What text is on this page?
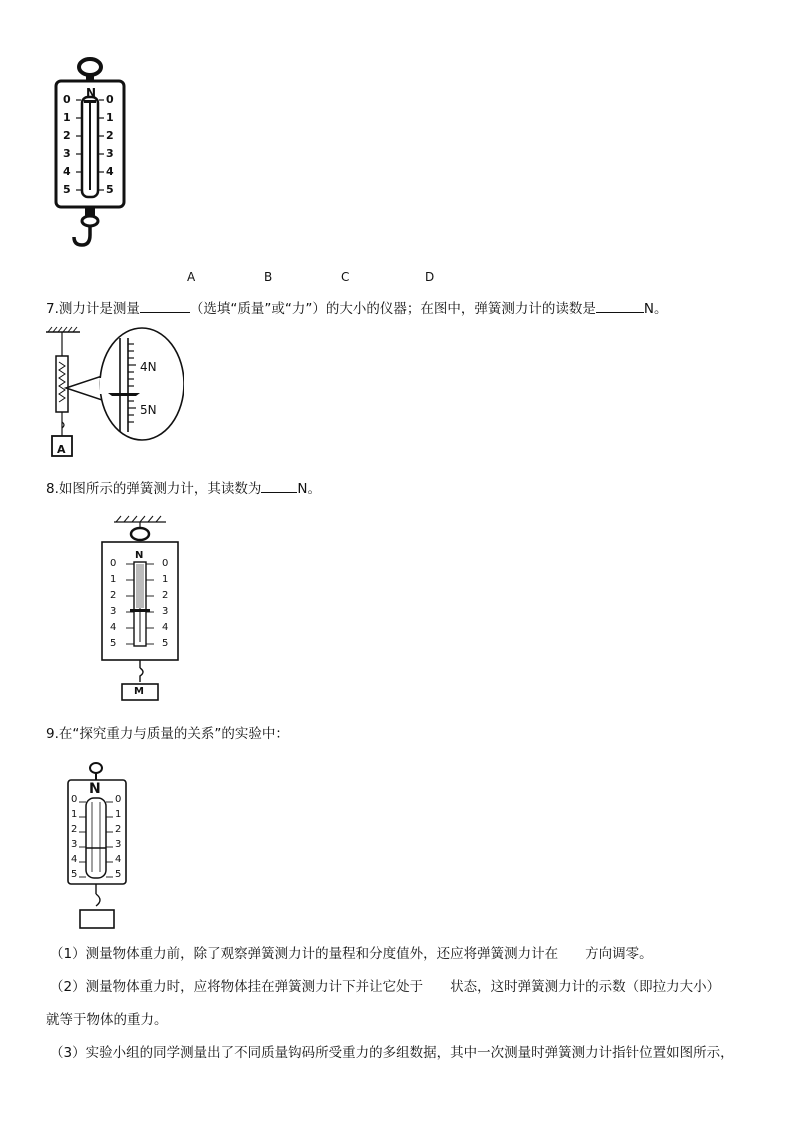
N
0
1
2
3
4
5
0
1
2
3
4
5
A	B	C	D
7.测力计是测量	（选填“质量”或“力”）的大小的仪器；在图中，弹簧测力计的读数是	N。
A
4N
5N
8.如图所示的弹簧测力计，其读数为	N。
N
0
1
2
3
4
5
0
1
2
3
4
5
M
9.在“探究重力与质量的关系”的实验中：
N
0
1
2
3
4
5
0
1
2
3
4
5
（1）测量物体重力前，除了观察弹簧测力计的量程和分度值外，还应将弹簧测力计在　　方向调零。
（2）测量物体重力时，应将物体挂在弹簧测力计下并让它处于　　状态，这时弹簧测力计的示数（即拉力大小）
就等于物体的重力。
（3）实验小组的同学测量出了不同质量钩码所受重力的多组数据，其中一次测量时弹簧测力计指针位置如图所示，
